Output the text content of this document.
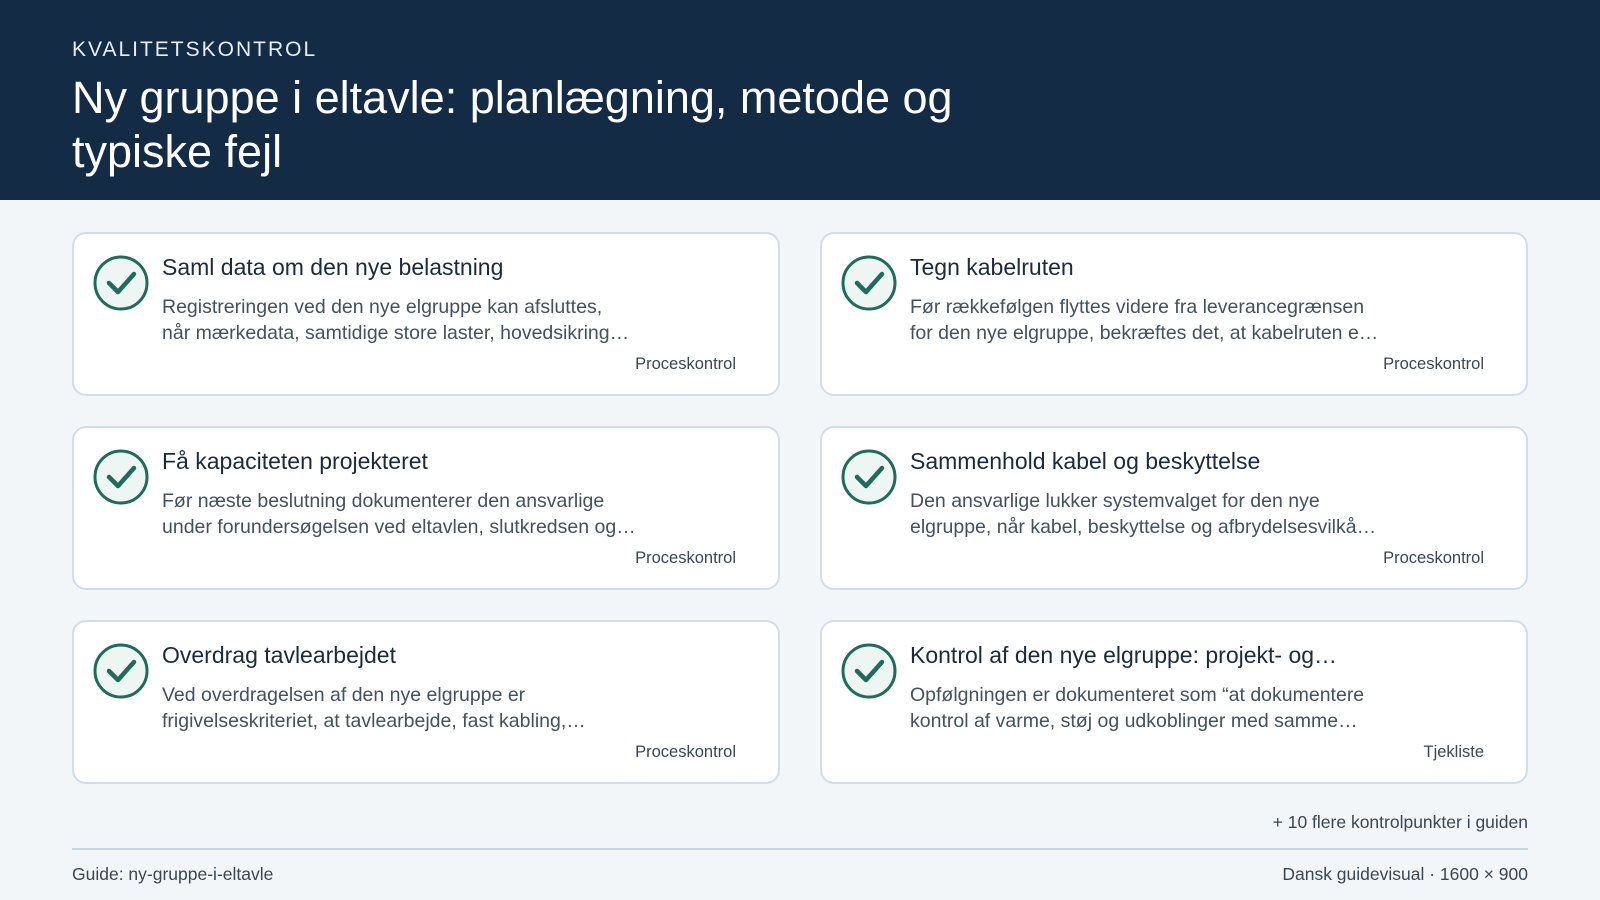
KVALITETSKONTROL
Ny gruppe i eltavle: planlægning, metode og typiske fejl
Saml data om den nye belastning
Registreringen ved den nye elgruppe kan afsluttes,
når mærkedata, samtidige store laster, hovedsikring…
Proceskontrol
Tegn kabelruten
Før rækkefølgen flyttes videre fra leverancegrænsen
for den nye elgruppe, bekræftes det, at kabelruten e…
Proceskontrol
Få kapaciteten projekteret
Før næste beslutning dokumenterer den ansvarlige
under forundersøgelsen ved eltavlen, slutkredsen og…
Proceskontrol
Sammenhold kabel og beskyttelse
Den ansvarlige lukker systemvalget for den nye
elgruppe, når kabel, beskyttelse og afbrydelsesvilkå…
Proceskontrol
Overdrag tavlearbejdet
Ved overdragelsen af den nye elgruppe er
frigivelseskriteriet, at tavlearbejde, fast kabling,…
Proceskontrol
Kontrol af den nye elgruppe: projekt- og…
Opfølgningen er dokumenteret som “at dokumentere
kontrol af varme, støj og udkoblinger med samme…
Tjekliste
+ 10 flere kontrolpunkter i guiden
Guide: ny-gruppe-i-eltavle	Dansk guidevisual · 1600 × 900
